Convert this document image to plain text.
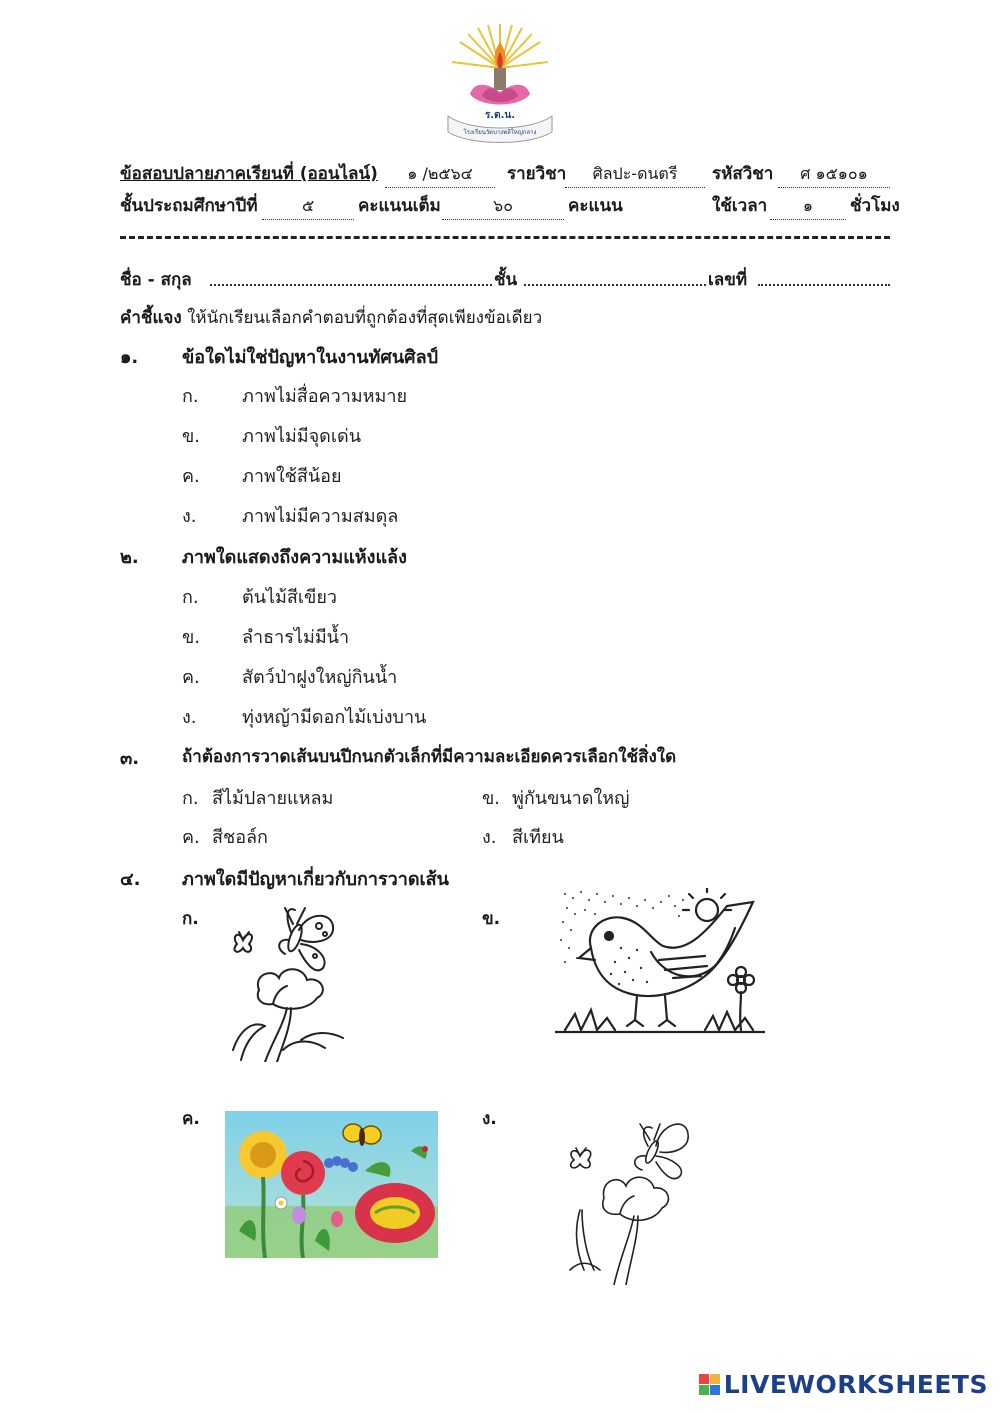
ร.ต.น.
โรงเรียนวัดบางพลีใหญ่กลาง
ข้อสอบปลายภาคเรียนที่ (ออนไลน์)	๑ /๒๕๖๔	รายวิชา	ศิลปะ-ดนตรี	รหัสวิชา	ศ ๑๕๑๐๑
ชั้นประถมศึกษาปีที่	๕	คะแนนเต็ม	๖๐	คะแนน	ใช้เวลา	๑	ชั่วโมง
ชื่อ - สกุล	ชั้น	เลขที่
คำชี้แจง ให้นักเรียนเลือกคำตอบที่ถูกต้องที่สุดเพียงข้อเดียว
๑. ข้อใดไม่ใช่ปัญหาในงานทัศนศิลป์
ก. ภาพไม่สื่อความหมาย
ข. ภาพไม่มีจุดเด่น
ค. ภาพใช้สีน้อย
ง.	ภาพไม่มีความสมดุล
๒. ภาพใดแสดงถึงความแห้งแล้ง
ก. ต้นไม้สีเขียว
ข. ลำธารไม่มีน้ำ
ค. สัตว์ป่าฝูงใหญ่กินน้ำ
ง.	ทุ่งหญ้ามีดอกไม้เบ่งบาน
๓.	ถ้าต้องการวาดเส้นบนปีกนกตัวเล็กที่มีความละเอียดควรเลือกใช้สิ่งใด
ก. สีไม้ปลายแหลม	ข. พู่กันขนาดใหญ่
ค. สีชอล์ก	ง. สีเทียน
๔. ภาพใดมีปัญหาเกี่ยวกับการวาดเส้น
ก.	ข.
ค.	ง.
LIVEWORKSHEETS
